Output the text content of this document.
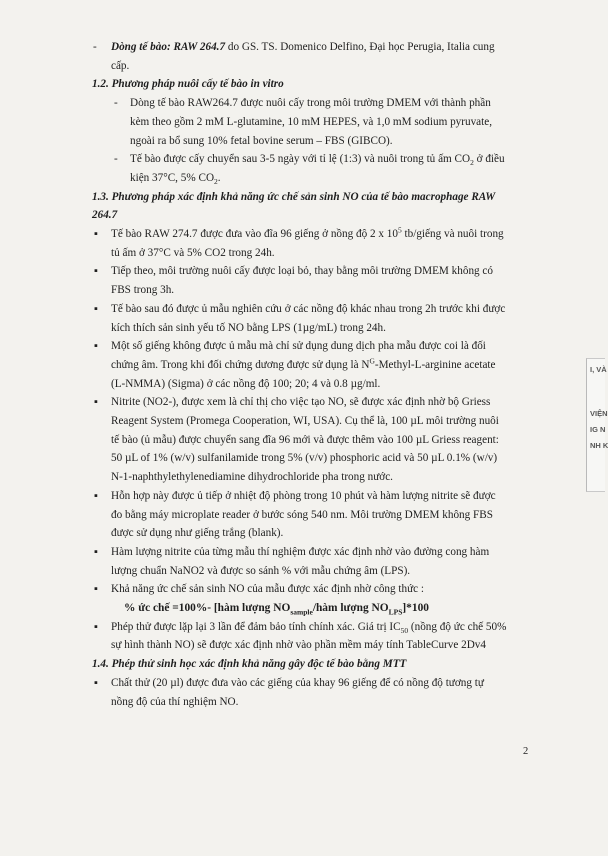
- Dòng tế bào: RAW 264.7 do GS. TS. Domenico Delfino, Đại học Perugia, Italia cung
cấp.
1.2. Phương pháp nuôi cấy tế bào in vitro
- Dòng tế bào RAW264.7 được nuôi cấy trong môi trường DMEM với thành phần
kèm theo gồm 2 mM L-glutamine, 10 mM HEPES, và 1,0 mM sodium pyruvate,
ngoài ra bổ sung 10% fetal bovine serum – FBS (GIBCO).
- Tế bào được cấy chuyển sau 3-5 ngày với tỉ lệ (1:3) và nuôi trong tủ ấm $CO_2$ ở điều
kiện 37°C, 5% $CO_2$.
1.3. Phương pháp xác định khả năng ức chế sản sinh NO của tế bào macrophage RAW
264.7
▪ Tế bào RAW 274.7 được đưa vào đĩa 96 giếng ở nồng độ 2 x $10^5$ tb/giếng và nuôi trong
tủ ấm ở 37°C và 5% CO2 trong 24h.
▪ Tiếp theo, môi trường nuôi cấy được loại bỏ, thay bằng môi trường DMEM không có
FBS trong 3h.
▪ Tế bào sau đó được ủ mẫu nghiên cứu ở các nồng độ khác nhau trong 2h trước khi được
kích thích sản sinh yếu tố NO bằng LPS (1µg/mL) trong 24h.
▪ Một số giếng không được ủ mẫu mà chỉ sử dụng dung dịch pha mẫu được coi là đối
chứng âm. Trong khi đối chứng dương được sử dụng là $N^G-Methyl-L$-arginine acetate
(L-NMMA) (Sigma) ở các nồng độ 100; 20; 4 và 0.8 µg/ml.
▪ Nitrite (NO2-), được xem là chỉ thị cho việc tạo NO, sẽ được xác định nhờ bộ Griess
Reagent System (Promega Cooperation, WI, USA). Cụ thể là, 100 µL môi trường nuôi
tế bào (ủ mẫu) được chuyển sang đĩa 96 mới và được thêm vào 100 µL Griess reagent:
50 µL of 1% (w/v) sulfanilamide trong 5% (v/v) phosphoric acid và 50 µL 0.1% (w/v)
N-1-naphthylethylenediamine dihydrochloride pha trong nước.
▪ Hỗn hợp này được ủ tiếp ở nhiệt độ phòng trong 10 phút và hàm lượng nitrite sẽ được
đo bằng máy microplate reader ở bước sóng 540 nm. Môi trường DMEM không FBS
được sử dụng như giếng trắng (blank).
▪ Hàm lượng nitrite của từng mẫu thí nghiệm được xác định nhờ vào đường cong hàm
lượng chuẩn NaNO2 và được so sánh % với mẫu chứng âm (LPS).
▪ Khả năng ức chế sản sinh NO của mẫu được xác định nhờ công thức :
% ức chế =100%- [hàm lượng $NO_{sample}$/hàm lượng $NO_{LPS}]*100$
▪ Phép thử được lặp lại 3 lần để đảm bảo tính chính xác. Giá trị $IC_{50}$ (nồng độ ức chế 50%
sự hình thành NO) sẽ được xác định nhờ vào phần mềm máy tính TableCurve 2Dv4
1.4. Phép thử sinh học xác định khả năng gây độc tế bào bằng MTT
▪ Chất thử (20 µl) được đưa vào các giếng của khay 96 giếng để có nồng độ tương tự
nồng độ của thí nghiệm NO.
2
I, VÀ
VIỆN
IG N
NH K
